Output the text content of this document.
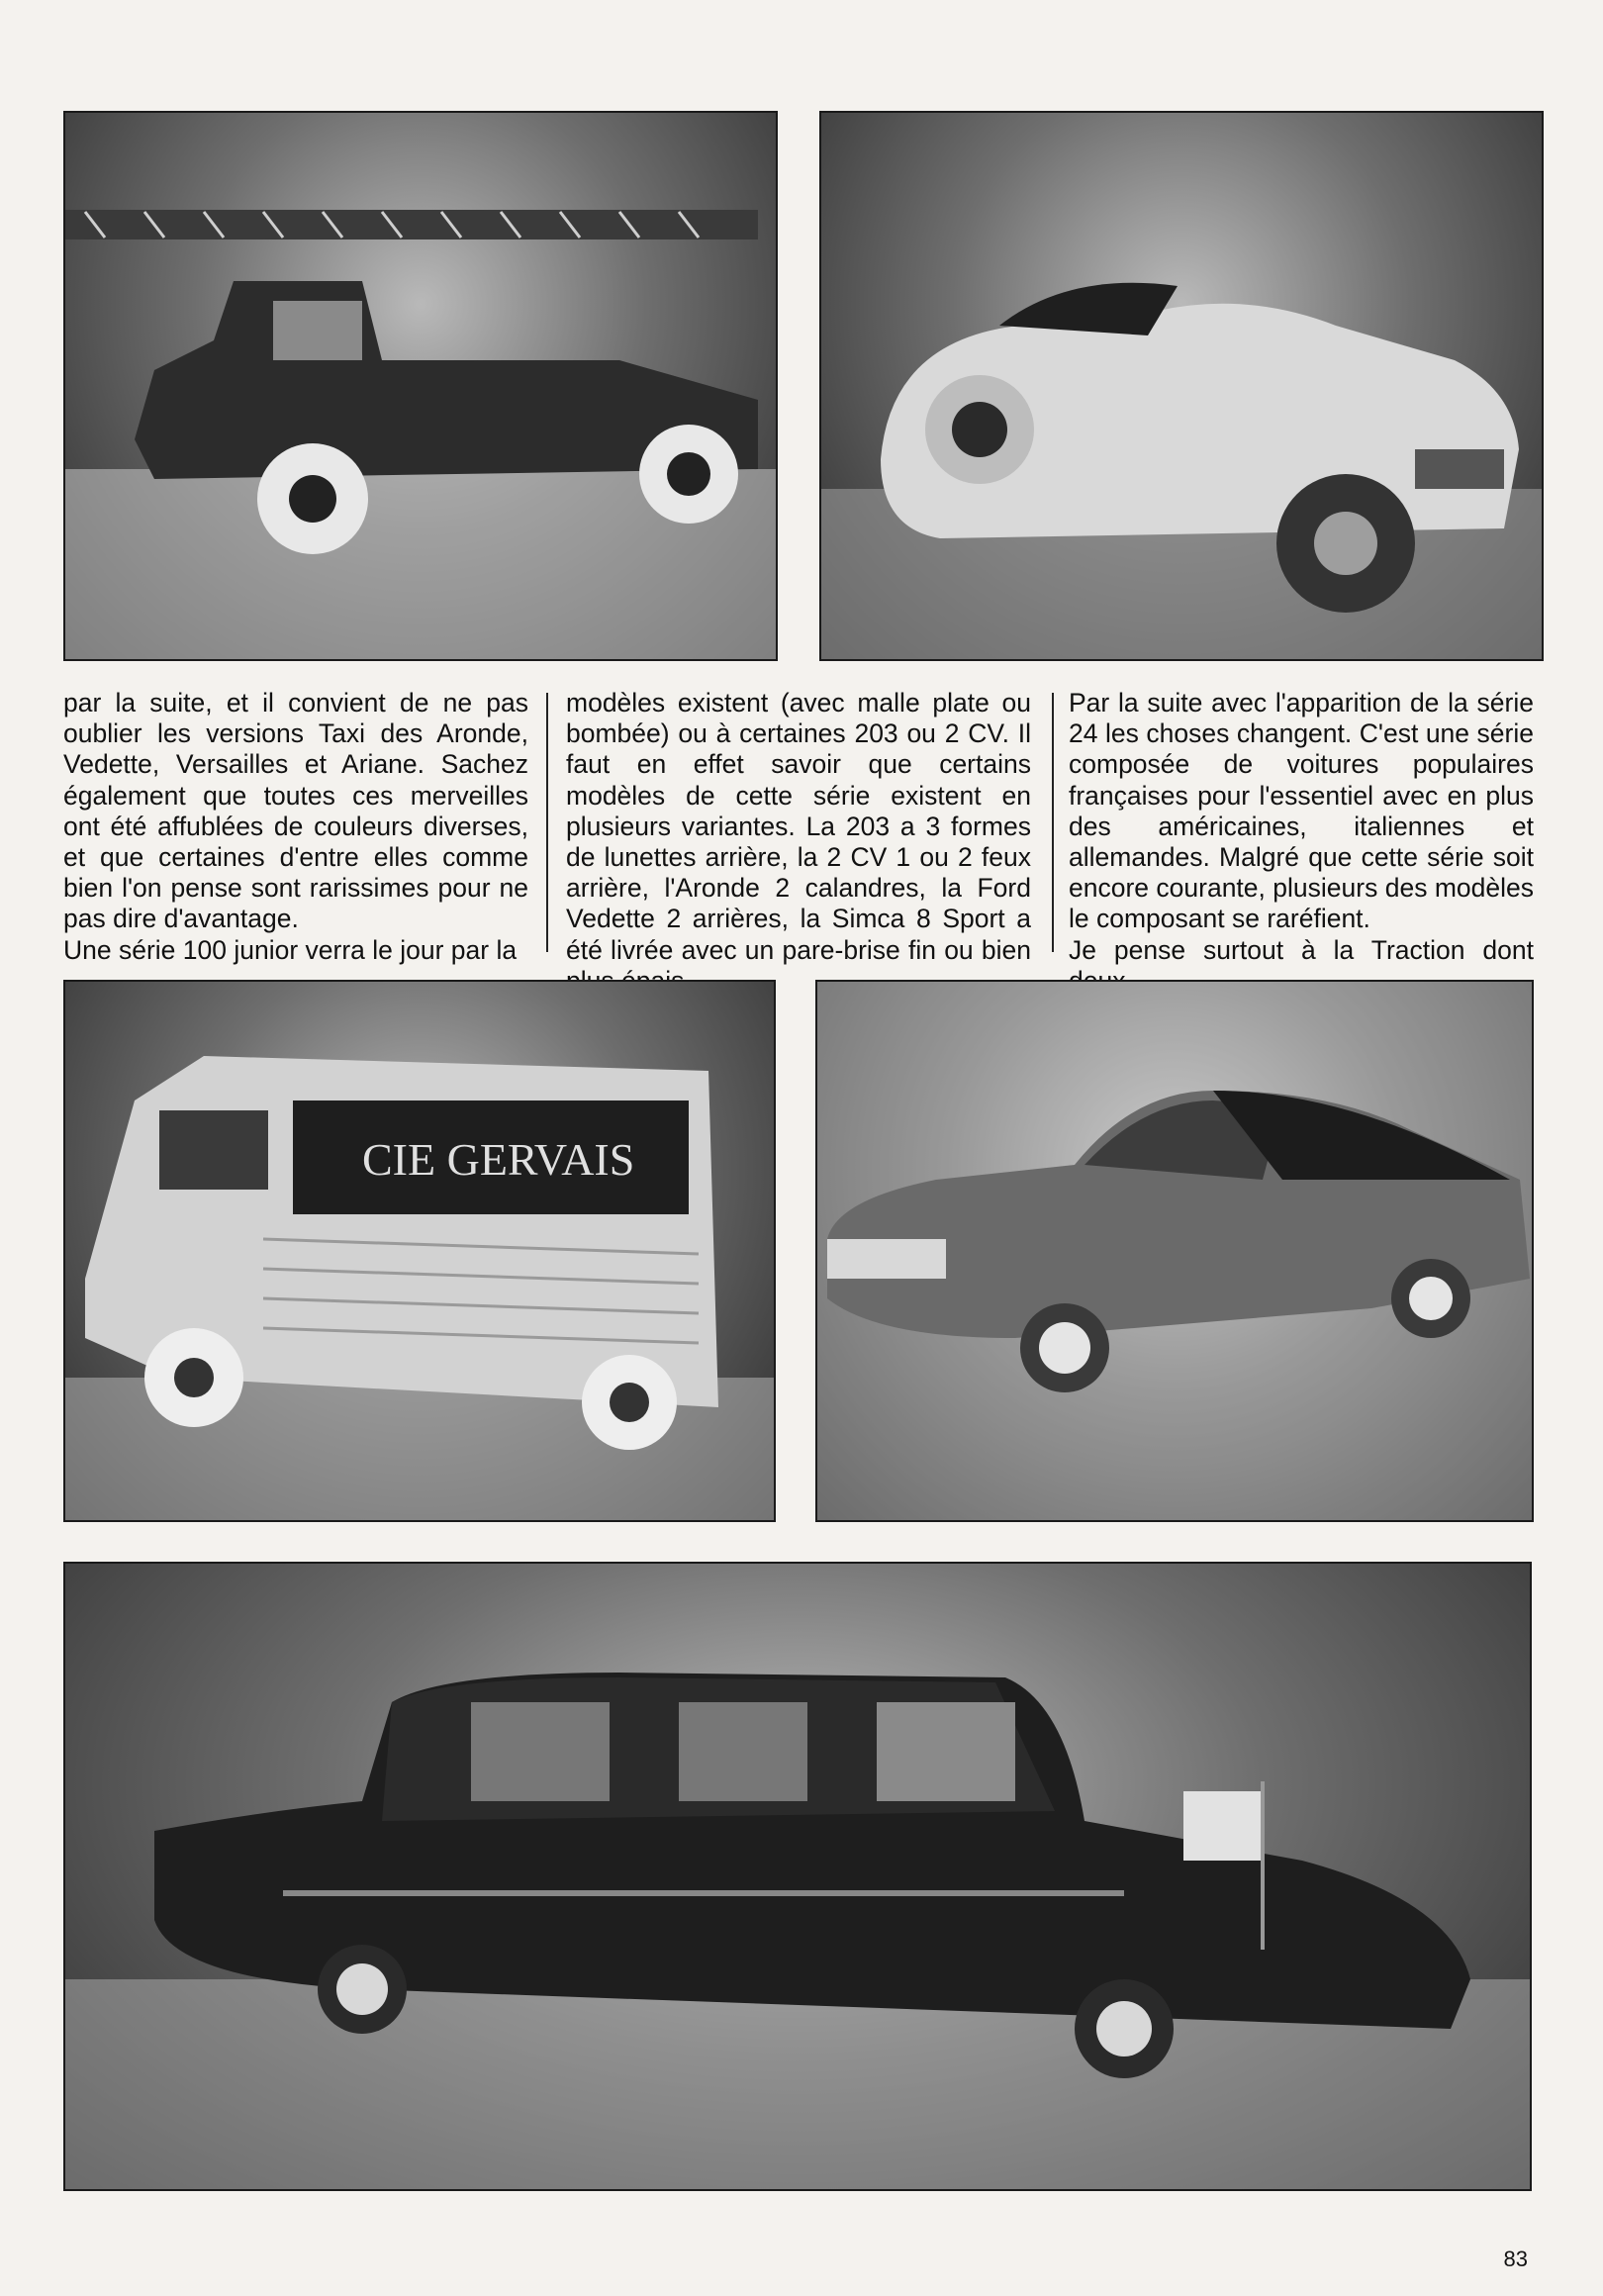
par la suite, et il convient de ne pas oublier les versions Taxi des Aronde, Vedette, Versailles et Ariane. Sachez également que toutes ces merveilles ont été affublées de couleurs diverses, et que certaines d'entre elles comme bien l'on pense sont rarissimes pour ne pas dire d'avantage.

Une série 100 junior verra le jour par la

modèles existent (avec malle plate ou bombée) ou à certaines 203 ou 2 CV. Il faut en effet savoir que certains modèles de cette série existent en plusieurs variantes. La 203 a 3 formes de lunettes arrière, la 2 CV 1 ou 2 feux arrière, l'Aronde 2 calandres, la Ford Vedette 2 arrières, la Simca 8 Sport a été livrée avec un pare-brise fin ou bien

Par la suite avec l'apparition de la série 24 les choses changent. C'est une série composée de voitures populaires françaises pour l'essentiel avec en plus des américaines, italiennes et allemandes. Malgré que cette série soit encore courante, plusieurs des modèles le composant se raréfient.

Je pense surtout à la Traction dont

CIE GERVAIS
83
